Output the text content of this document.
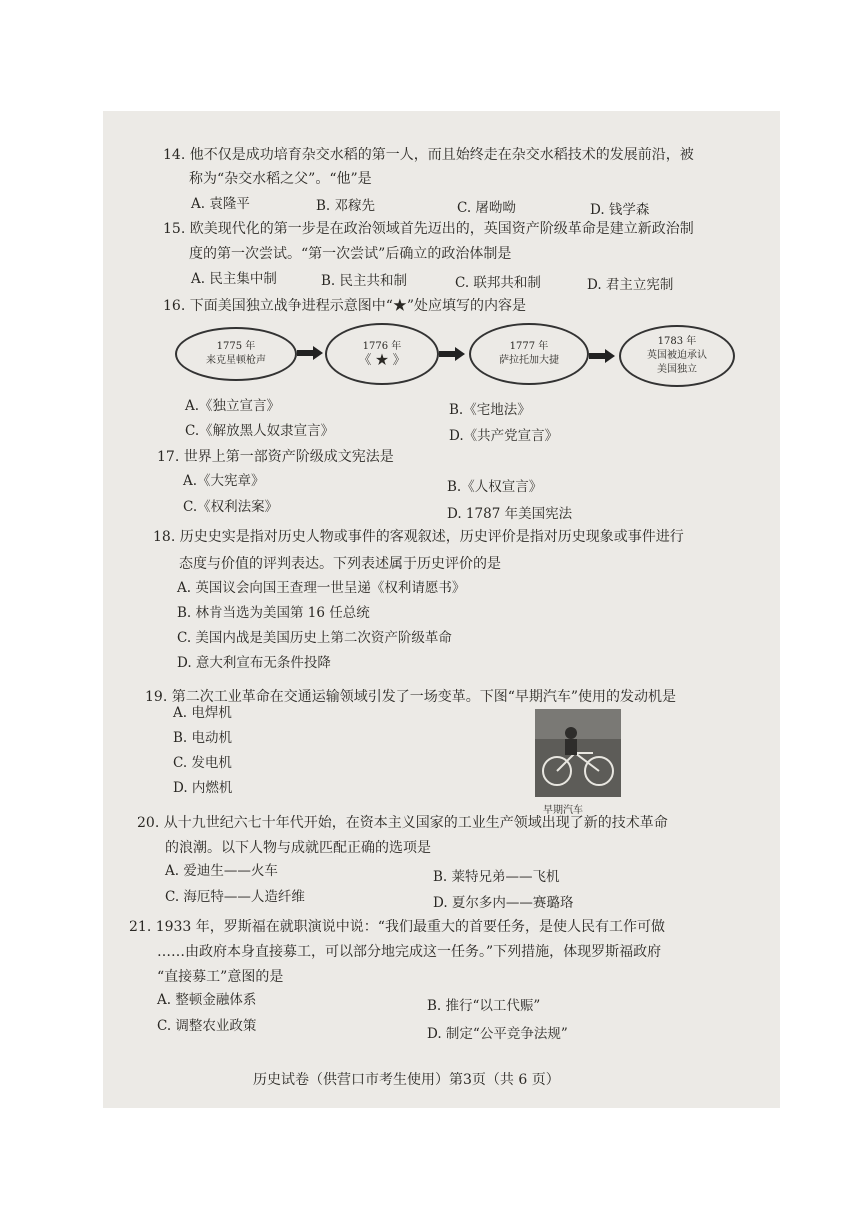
14. 他不仅是成功培育杂交水稻的第一人，而且始终走在杂交水稻技术的发展前沿，被
称为“杂交水稻之父”。“他”是
A. 袁隆平	B. 邓稼先	C. 屠呦呦	D. 钱学森
15. 欧美现代化的第一步是在政治领域首先迈出的，英国资产阶级革命是建立新政治制
度的第一次尝试。“第一次尝试”后确立的政治体制是
A. 民主集中制	B. 民主共和制	C. 联邦共和制	D. 君主立宪制
16. 下面美国独立战争进程示意图中“★”处应填写的内容是
1775 年
来克星顿枪声
1776 年
《 ★ 》
1777 年
萨拉托加大捷
1783 年
英国被迫承认
美国独立
A.《独立宣言》	B.《宅地法》
C.《解放黑人奴隶宣言》	D.《共产党宣言》
17. 世界上第一部资产阶级成文宪法是
A.《大宪章》	B.《人权宣言》
C.《权利法案》	D. 1787 年美国宪法
18. 历史史实是指对历史人物或事件的客观叙述，历史评价是指对历史现象或事件进行
态度与价值的评判表达。下列表述属于历史评价的是
A. 英国议会向国王查理一世呈递《权利请愿书》
B. 林肯当选为美国第 16 任总统
C. 美国内战是美国历史上第二次资产阶级革命
D. 意大利宣布无条件投降
19. 第二次工业革命在交通运输领域引发了一场变革。下图“早期汽车”使用的发动机是
A. 电焊机
B. 电动机
C. 发电机
D. 内燃机
早期汽车
20. 从十九世纪六七十年代开始，在资本主义国家的工业生产领域出现了新的技术革命
的浪潮。以下人物与成就匹配正确的选项是
A. 爱迪生——火车	B. 莱特兄弟——飞机
C. 海厄特——人造纤维	D. 夏尔多内——赛璐珞
21. 1933 年，罗斯福在就职演说中说：“我们最重大的首要任务，是使人民有工作可做
……由政府本身直接募工，可以部分地完成这一任务。”下列措施，体现罗斯福政府
“直接募工”意图的是
A. 整顿金融体系	B. 推行“以工代赈”
C. 调整农业政策	D. 制定“公平竞争法规”
历史试卷（供营口市考生使用）第3页（共 6 页）
